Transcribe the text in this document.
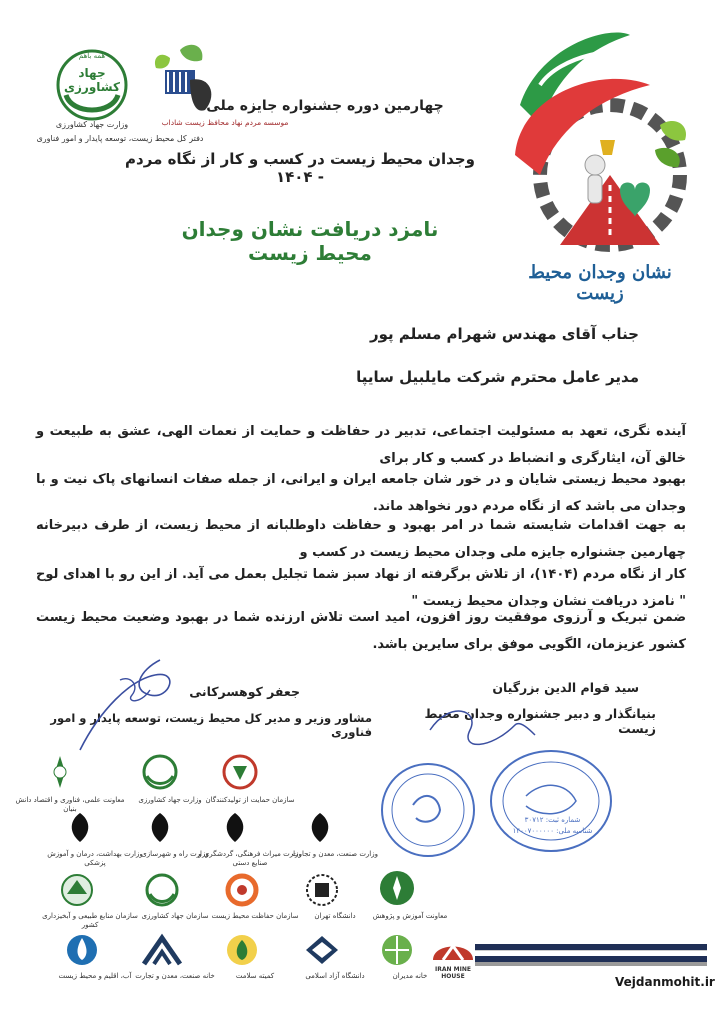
نشان وجدان محیط زیست
همه باهم
جهاد کشاورزی
وزارت جهاد کشاورزی	موسسه مردم نهاد محافظ زیست شاداب
دفتر کل محیط زیست، توسعه پایدار و امور فناوری
چهارمین دوره جشنواره جایزه ملی
وجدان محیط زیست در کسب و کار از نگاه مردم - ۱۴۰۴
نامزد دریافت نشان وجدان محیط زیست
جناب آقای مهندس شهرام مسلم پور
مدیر عامل محترم شرکت مایلبیل سایپا
آینده نگری، تعهد به مسئولیت اجتماعی، تدبیر در حفاظت و حمایت از نعمات الهی، عشق به طبیعت و خالق آن، ایثارگری و انضباط در کسب و کار برای
بهبود محیط زیستی شایان و در خور شان جامعه ایران و ایرانی، از جمله صفات انسانهای پاک نیت و با وجدان می باشد که از نگاه مردم دور نخواهد ماند.
به جهت اقدامات شایسته شما در امر بهبود و حفاظت داوطلبانه از محیط زیست، از طرف دبیرخانه چهارمین جشنواره جایزه ملی وجدان محیط زیست در کسب و
کار از نگاه مردم (۱۴۰۴)، از تلاش برگرفته از نهاد سبز شما تجلیل بعمل می آید. از این رو با اهدای لوح " نامزد دریافت نشان وجدان محیط زیست "
ضمن تبریک و آرزوی موفقیت روز افزون، امید است تلاش ارزنده شما در بهبود وضعیت محیط زیست کشور عزیزمان، الگویی موفق برای سایرین باشد.
سید قوام الدین بزرگیان
بنیانگذار و دبیر جشنواره وجدان محیط زیست
جعفر کوهسرکانی
مشاور وزیر و مدیر کل محیط زیست، توسعه پایدار و امور فناوری
شماره ثبت: ۳۰۷۱۲
شناسه ملی: ۱۴۰۰۷۰۰۰۰۰۰
وزارت جهاد کشاورزی
معاونت علمی، فناوری و اقتصاد دانش بنیان
سازمان حمایت از تولیدکنندگان
وزارت صنعت، معدن و تجارت
وزارت میراث فرهنگی، گردشگری و صنایع دستی
وزارت راه و شهرسازی
وزارت بهداشت، درمان و آموزش پزشکی
سازمان منابع طبیعی و آبخیزداری کشور
سازمان جهاد کشاورزی سازمان حفاظت محیط زیست	دانشگاه تهران	معاونت آموزش و پژوهش
آب، اقلیم و محیط زیست خانه صنعت، معدن و تجارت	کمیته سلامت	دانشگاه آزاد اسلامی	خانه مدیران
IRAN MINE HOUSE	Vejdanmohit.ir
